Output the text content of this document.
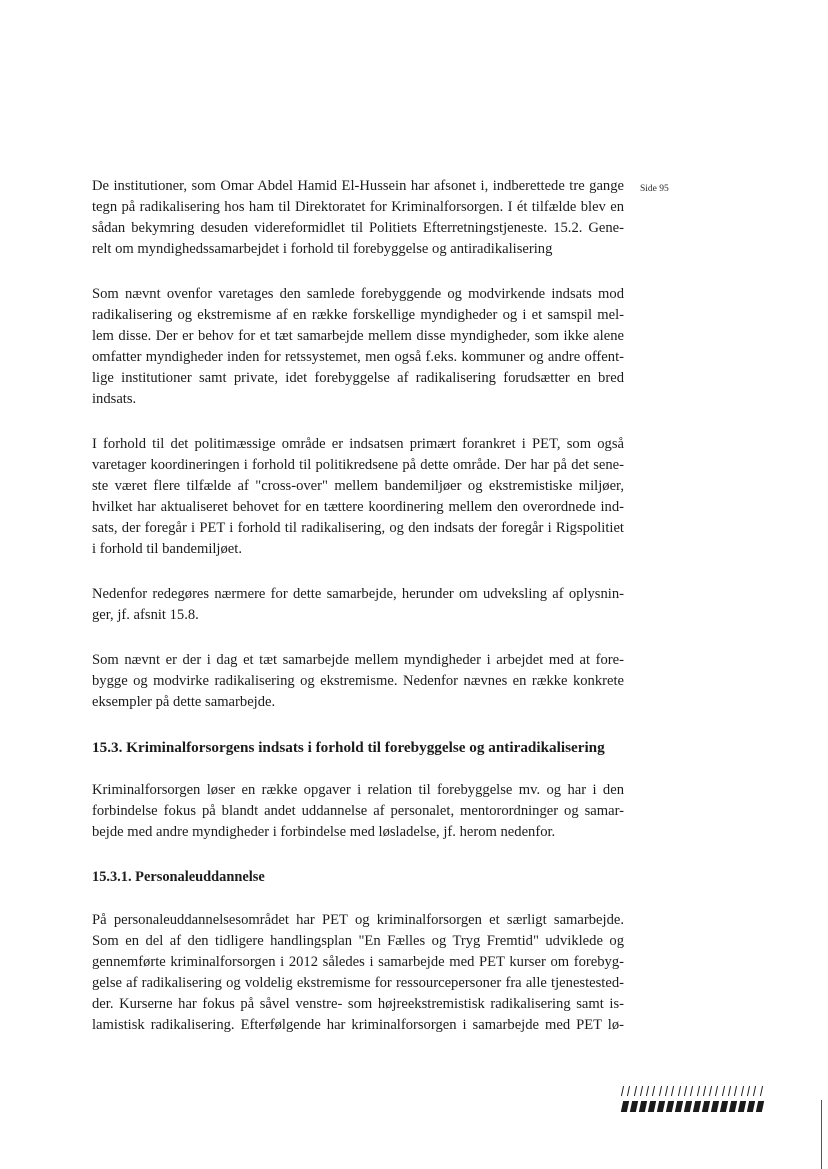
Side 95

De institutioner, som Omar Abdel Hamid El-Hussein har afsonet i, indberettede tre gange
tegn på radikalisering hos ham til Direktoratet for Kriminalforsorgen. I ét tilfælde blev en
sådan bekymring desuden videreformidlet til Politiets Efterretningstjeneste. 15.2. Gene-
relt om myndighedssamarbejdet i forhold til forebyggelse og antiradikalisering

Som nævnt ovenfor varetages den samlede forebyggende og modvirkende indsats mod
radikalisering og ekstremisme af en række forskellige myndigheder og i et samspil mel-
lem disse. Der er behov for et tæt samarbejde mellem disse myndigheder, som ikke alene
omfatter myndigheder inden for retssystemet, men også f.eks. kommuner og andre offent-
lige institutioner samt private, idet forebyggelse af radikalisering forudsætter en bred
indsats.

I forhold til det politimæssige område er indsatsen primært forankret i PET, som også
varetager koordineringen i forhold til politikredsene på dette område. Der har på det sene-
ste været flere tilfælde af "cross-over" mellem bandemiljøer og ekstremistiske miljøer,
hvilket har aktualiseret behovet for en tættere koordinering mellem den overordnede ind-
sats, der foregår i PET i forhold til radikalisering, og den indsats der foregår i Rigspolitiet
i forhold til bandemiljøet.

Nedenfor redegøres nærmere for dette samarbejde, herunder om udveksling af oplysnin-
ger, jf. afsnit 15.8.

Som nævnt er der i dag et tæt samarbejde mellem myndigheder i arbejdet med at fore-
bygge og modvirke radikalisering og ekstremisme. Nedenfor nævnes en række konkrete
eksempler på dette samarbejde.

15.3. Kriminalforsorgens indsats i forhold til forebyggelse og antiradikalisering

Kriminalforsorgen løser en række opgaver i relation til forebyggelse mv. og har i den
forbindelse fokus på blandt andet uddannelse af personalet, mentorordninger og samar-
bejde med andre myndigheder i forbindelse med løsladelse, jf. herom nedenfor.

15.3.1. Personaleuddannelse

På personaleuddannelsesområdet har PET og kriminalforsorgen et særligt samarbejde.
Som en del af den tidligere handlingsplan "En Fælles og Tryg Fremtid" udviklede og
gennemførte kriminalforsorgen i 2012 således i samarbejde med PET kurser om forebyg-
gelse af radikalisering og voldelig ekstremisme for ressourcepersoner fra alle tjenestested-
der. Kurserne har fokus på såvel venstre- som højreekstremistisk radikalisering samt is-
lamistisk radikalisering. Efterfølgende har kriminalforsorgen i samarbejde med PET lø-
